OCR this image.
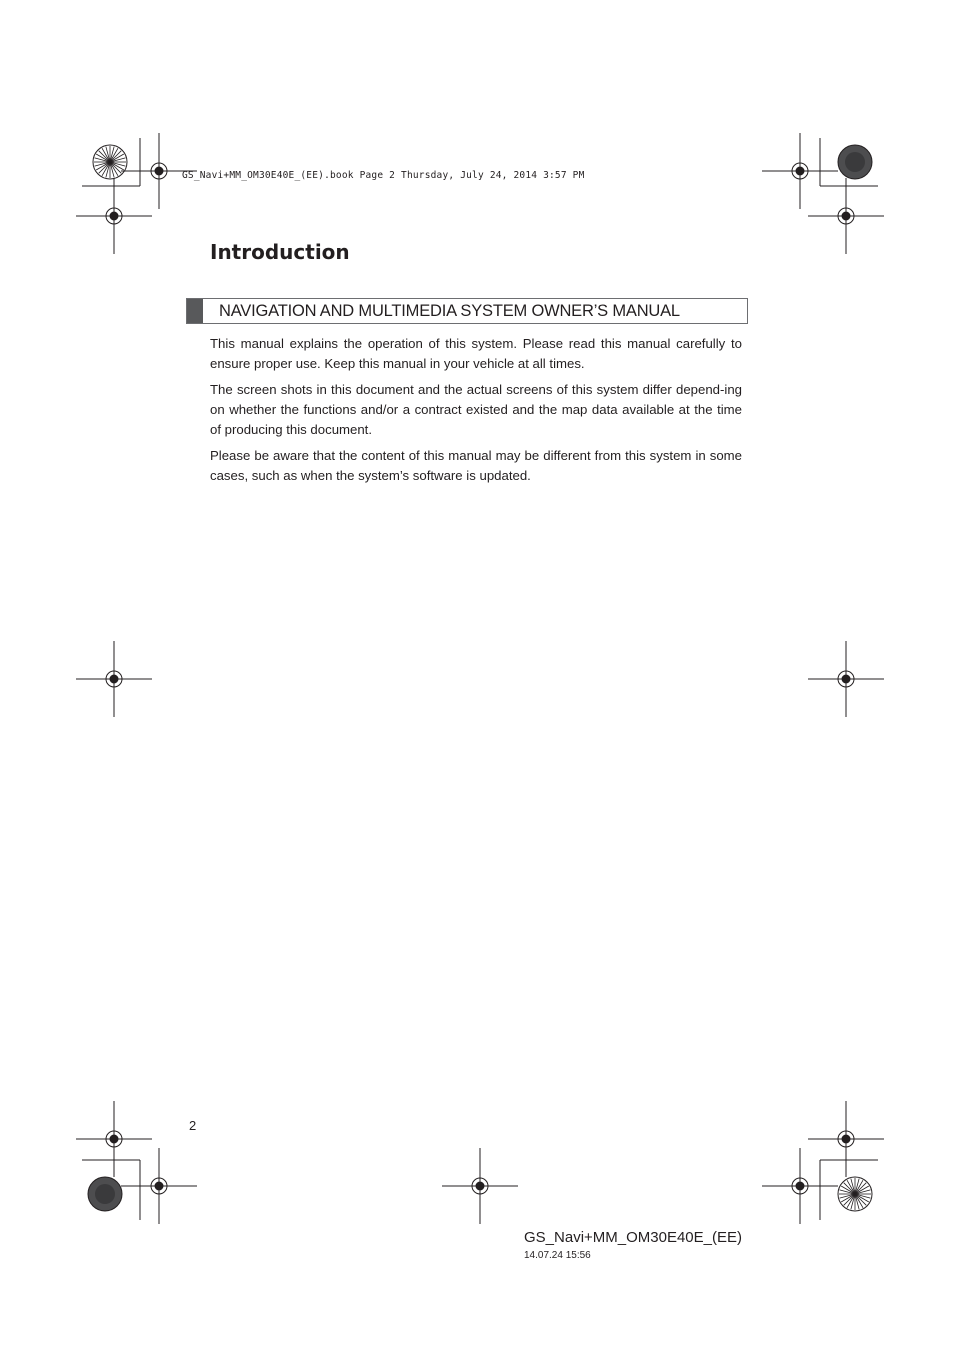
GS_Navi+MM_OM30E40E_(EE).book Page 2 Thursday, July 24, 2014 3:57 PM
Introduction
NAVIGATION AND MULTIMEDIA SYSTEM OWNER’S MANUAL

This manual explains the operation of this system. Please read this manual carefully to ensure proper use. Keep this manual in your vehicle at all times.

The screen shots in this document and the actual screens of this system differ depend-ing on whether the functions and/or a contract existed and the map data available at the time of producing this document.

Please be aware that the content of this manual may be different from this system in some cases, such as when the system’s software is updated.

2
GS_Navi+MM_OM30E40E_(EE)
14.07.24 15:56
